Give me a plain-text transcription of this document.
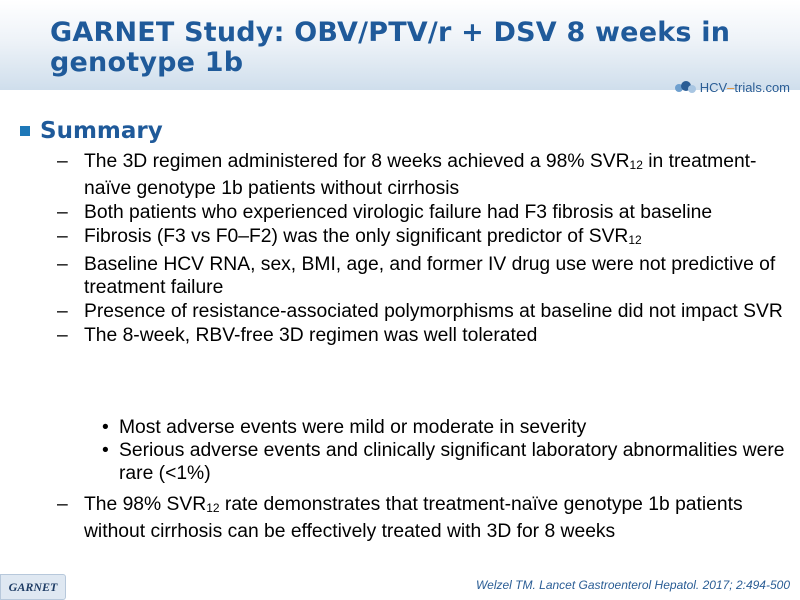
GARNET Study: OBV/PTV/r + DSV 8 weeks in genotype 1b
HCV–trials.com
Summary
– The 3D regimen administered for 8 weeks achieved a 98% $SVR_{12}$ in treatment-naïve genotype 1b patients without cirrhosis
– Both patients who experienced virologic failure had F3 fibrosis at baseline
– Fibrosis (F3 vs F0–F2) was the only significant predictor of $SVR_{12}$
– Baseline HCV RNA, sex, BMI, age, and former IV drug use were not predictive of treatment failure
– Presence of resistance-associated polymorphisms at baseline did not impact SVR
– The 8-week, RBV-free 3D regimen was well tolerated
• Most adverse events were mild or moderate in severity
• Serious adverse events and clinically significant laboratory abnormalities were rare (<1%)
– The 98% $SVR_{12}$ rate demonstrates that treatment-naïve genotype 1b patients without cirrhosis can be effectively treated with 3D for 8 weeks
GARNET	Welzel TM. Lancet Gastroenterol Hepatol. 2017; 2:494-500
